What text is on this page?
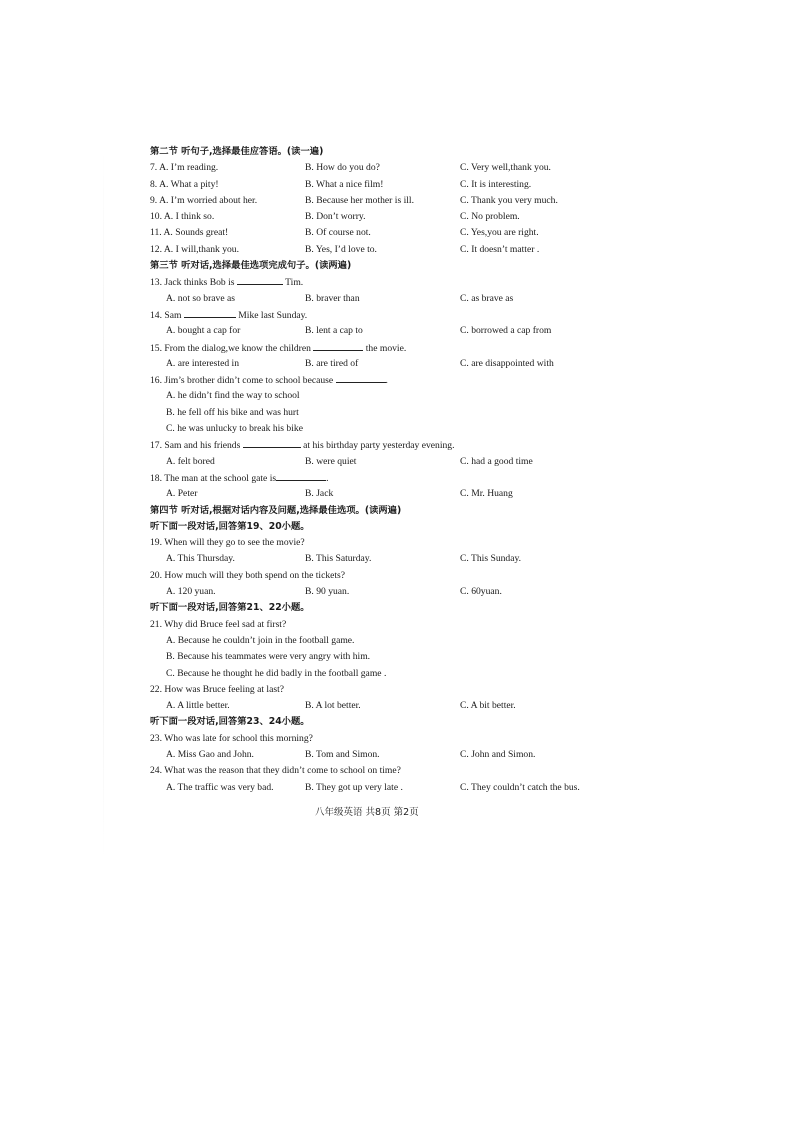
第二节 听句子,选择最佳应答语。(读一遍)
7. A. I’m reading.	B. How do you do?	C. Very well,thank you.
8. A. What a pity!	B. What a nice film!	C. It is interesting.
9. A. I’m worried about her.	B. Because her mother is ill.	C. Thank you very much.
10. A. I think so.	B. Don’t worry.	C. No problem.
11. A. Sounds great!	B. Of course not.	C. Yes,you are right.
12. A. I will,thank you.	B. Yes, I’d love to.	C. It doesn’t matter .
第三节 听对话,选择最佳选项完成句子。(读两遍)
13. Jack thinks Bob is	Tim.
A. not so brave as	B. braver than	C. as brave as
14. Sam	Mike last Sunday.
A. bought a cap for	B. lent a cap to	C. borrowed a cap from
15. From the dialog,we know the children	the movie.
A. are interested in	B. are tired of	C. are disappointed with
16. Jim’s brother didn’t come to school because	.
A. he didn’t find the way to school
B. he fell off his bike and was hurt
C. he was unlucky to break his bike
17. Sam and his friends	at his birthday party yesterday evening.
A. felt bored	B. were quiet	C. had a good time
18. The man at the school gate is	.
A. Peter	B. Jack	C. Mr. Huang
第四节 听对话,根据对话内容及问题,选择最佳选项。(读两遍)
听下面一段对话,回答第19、20小题。
19. When will they go to see the movie?
A. This Thursday.	B. This Saturday.	C. This Sunday.
20. How much will they both spend on the tickets?
A. 120 yuan.	B. 90 yuan.	C. 60yuan.
听下面一段对话,回答第21、22小题。
21. Why did Bruce feel sad at first?
A. Because he couldn’t join in the football game.
B. Because his teammates were very angry with him.
C. Because he thought he did badly in the football game .
22. How was Bruce feeling at last?
A. A little better.	B. A lot better.	C. A bit better.
听下面一段对话,回答第23、24小题。
23. Who was late for school this morning?
A. Miss Gao and John.	B. Tom and Simon.	C. John and Simon.
24. What was the reason that they didn’t come to school on time?
A. The traffic was very bad.	B. They got up very late .	C. They couldn’t catch the bus.
八年级英语 共8页 第2页
